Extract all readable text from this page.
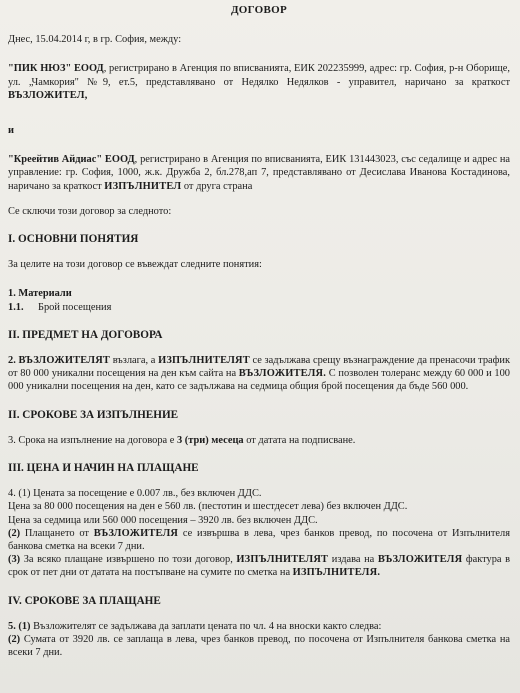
ДОГОВОР

Днес, 15.04.2014 г, в гр. София, между:

"ПИК НЮЗ" ЕООД, регистрирано в Агенция по вписванията, ЕИК 202235999, адрес: гр. София, р-н Оборище, ул. „Чамкория" №9, ет.5, представлявано от Недялко Недялков - управител, наричано за краткост ВЪЗЛОЖИТЕЛ,

и

"Креейтив Айдиас" ЕООД, регистрирано в Агенция по вписванията, ЕИК 131443023, със седалище и адрес на управление: гр. София, 1000, ж.к. Дружба 2, бл.278,ап 7, представлявано от Десислава Иванова Костадинова, наричано за краткост ИЗПЪЛНИТЕЛ от друга страна

Се сключи този договор за следното:

I. ОСНОВНИ ПОНЯТИЯ

За целите на този договор се въвеждат следните понятия:

1. Материали

1.1. Брой посещения

II. ПРЕДМЕТ НА ДОГОВОРА

2. ВЪЗЛОЖИТЕЛЯТ възлага, а ИЗПЪЛНИТЕЛЯТ се задължава срещу възнаграждение да пренасочи трафик от 80 000 уникални посещения на ден към сайта на ВЪЗЛОЖИТЕЛЯ. С позволен толеранс между 60 000 и 100 000 уникални посещения на ден, като се задължава на седмица общия брой посещения да бъде 560 000.

II. СРОКОВЕ ЗА ИЗПЪЛНЕНИЕ

3. Срока на изпълнение на договора е 3 (три) месеца от датата на подписване.

III. ЦЕНА И НАЧИН НА ПЛАЩАНЕ

4. (1) Цената за посещение е 0.007 лв., без включен ДДС.

Цена за 80 000 посещения на ден е 560 лв. (пестотин и шестдесет лева) без включен ДДС.

Цена за седмица или 560 000 посещения – 3920 лв. без включен ДДС.

(2) Плащането от ВЪЗЛОЖИТЕЛЯ се извършва в лева, чрез банков превод, по посочена от Изпълнителя банкова сметка на всеки 7 дни.

(3) За всяко плащане извършено по този договор, ИЗПЪЛНИТЕЛЯТ издава на ВЪЗЛОЖИТЕЛЯ фактура в срок от пет дни от датата на постъпване на сумите по сметка на ИЗПЪЛНИТЕЛЯ.

IV. СРОКОВЕ ЗА ПЛАЩАНЕ

5. (1) Възложителят се задължава да заплати цената по чл. 4 на вноски както следва:

(2) Сумата от 3920 лв. се заплаща в лева, чрез банков превод, по посочена от Изпълнителя банкова сметка на всеки 7 дни.
